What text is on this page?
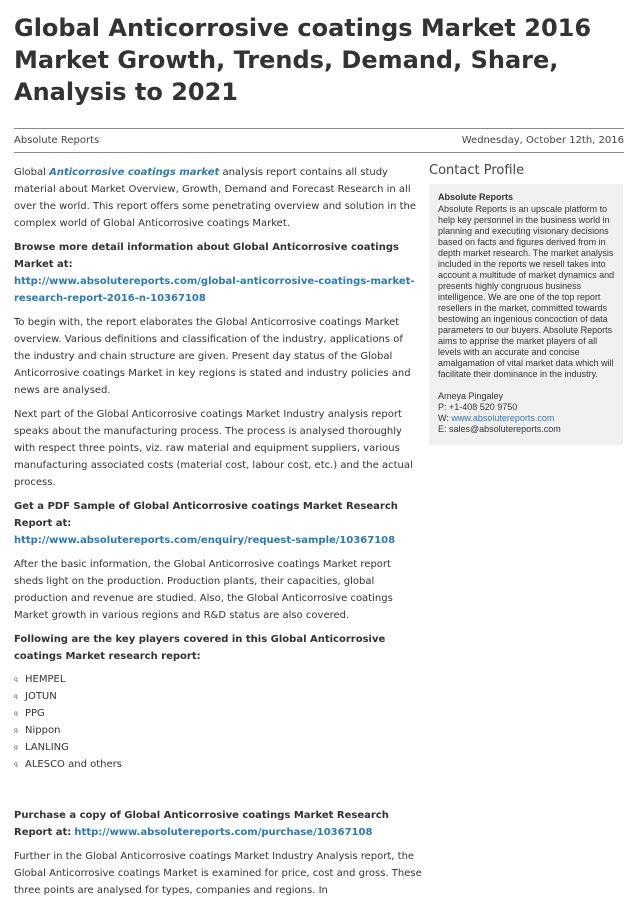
Global Anticorrosive coatings Market 2016 Market Growth, Trends, Demand, Share, Analysis to 2021
Absolute Reports	Wednesday, October 12th, 2016

Global Anticorrosive coatings market analysis report contains all study material about Market Overview, Growth, Demand and Forecast Research in all over the world. This report offers some penetrating overview and solution in the complex world of Global Anticorrosive coatings Market.

Browse more detail information about Global Anticorrosive coatings Market at:
http://www.absolutereports.com/global-anticorrosive-coatings-market-research-report-2016-n-10367108

To begin with, the report elaborates the Global Anticorrosive coatings Market overview. Various definitions and classification of the industry, applications of the industry and chain structure are given. Present day status of the Global Anticorrosive coatings Market in key regions is stated and industry policies and news are analysed.

Next part of the Global Anticorrosive coatings Market Industry analysis report speaks about the manufacturing process. The process is analysed thoroughly with respect three points, viz. raw material and equipment suppliers, various manufacturing associated costs (material cost, labour cost, etc.) and the actual process.

Get a PDF Sample of Global Anticorrosive coatings Market Research Report at:
http://www.absolutereports.com/enquiry/request-sample/10367108

After the basic information, the Global Anticorrosive coatings Market report sheds light on the production. Production plants, their capacities, global production and revenue are studied. Also, the Global Anticorrosive coatings Market growth in various regions and R&D status are also covered.

Following are the key players covered in this Global Anticorrosive coatings Market research report:

q HEMPEL
q JOTUN
q PPG
q Nippon
q LANLING
q ALESCO and others

Purchase a copy of Global Anticorrosive coatings Market Research Report at: http://www.absolutereports.com/purchase/10367108

Further in the Global Anticorrosive coatings Market Industry Analysis report, the Global Anticorrosive coatings Market is examined for price, cost and gross. These three points are analysed for types, companies and regions. In

Contact Profile
Absolute Reports
Absolute Reports is an upscale platform to help key personnel in the business world in planning and executing visionary decisions based on facts and figures derived from in depth market research. The market analysis included in the reports we resell takes into account a multitude of market dynamics and presents highly congruous business intelligence. We are one of the top report resellers in the market, committed towards bestowing an ingenious concoction of data parameters to our buyers. Absolute Reports aims to apprise the market players of all levels with an accurate and concise amalgamation of vital market data which will facilitate their dominance in the industry.
Ameya Pingaley
P: +1-408 520 9750
W: www.absolutereports.com
E: sales@absolutereports.com
